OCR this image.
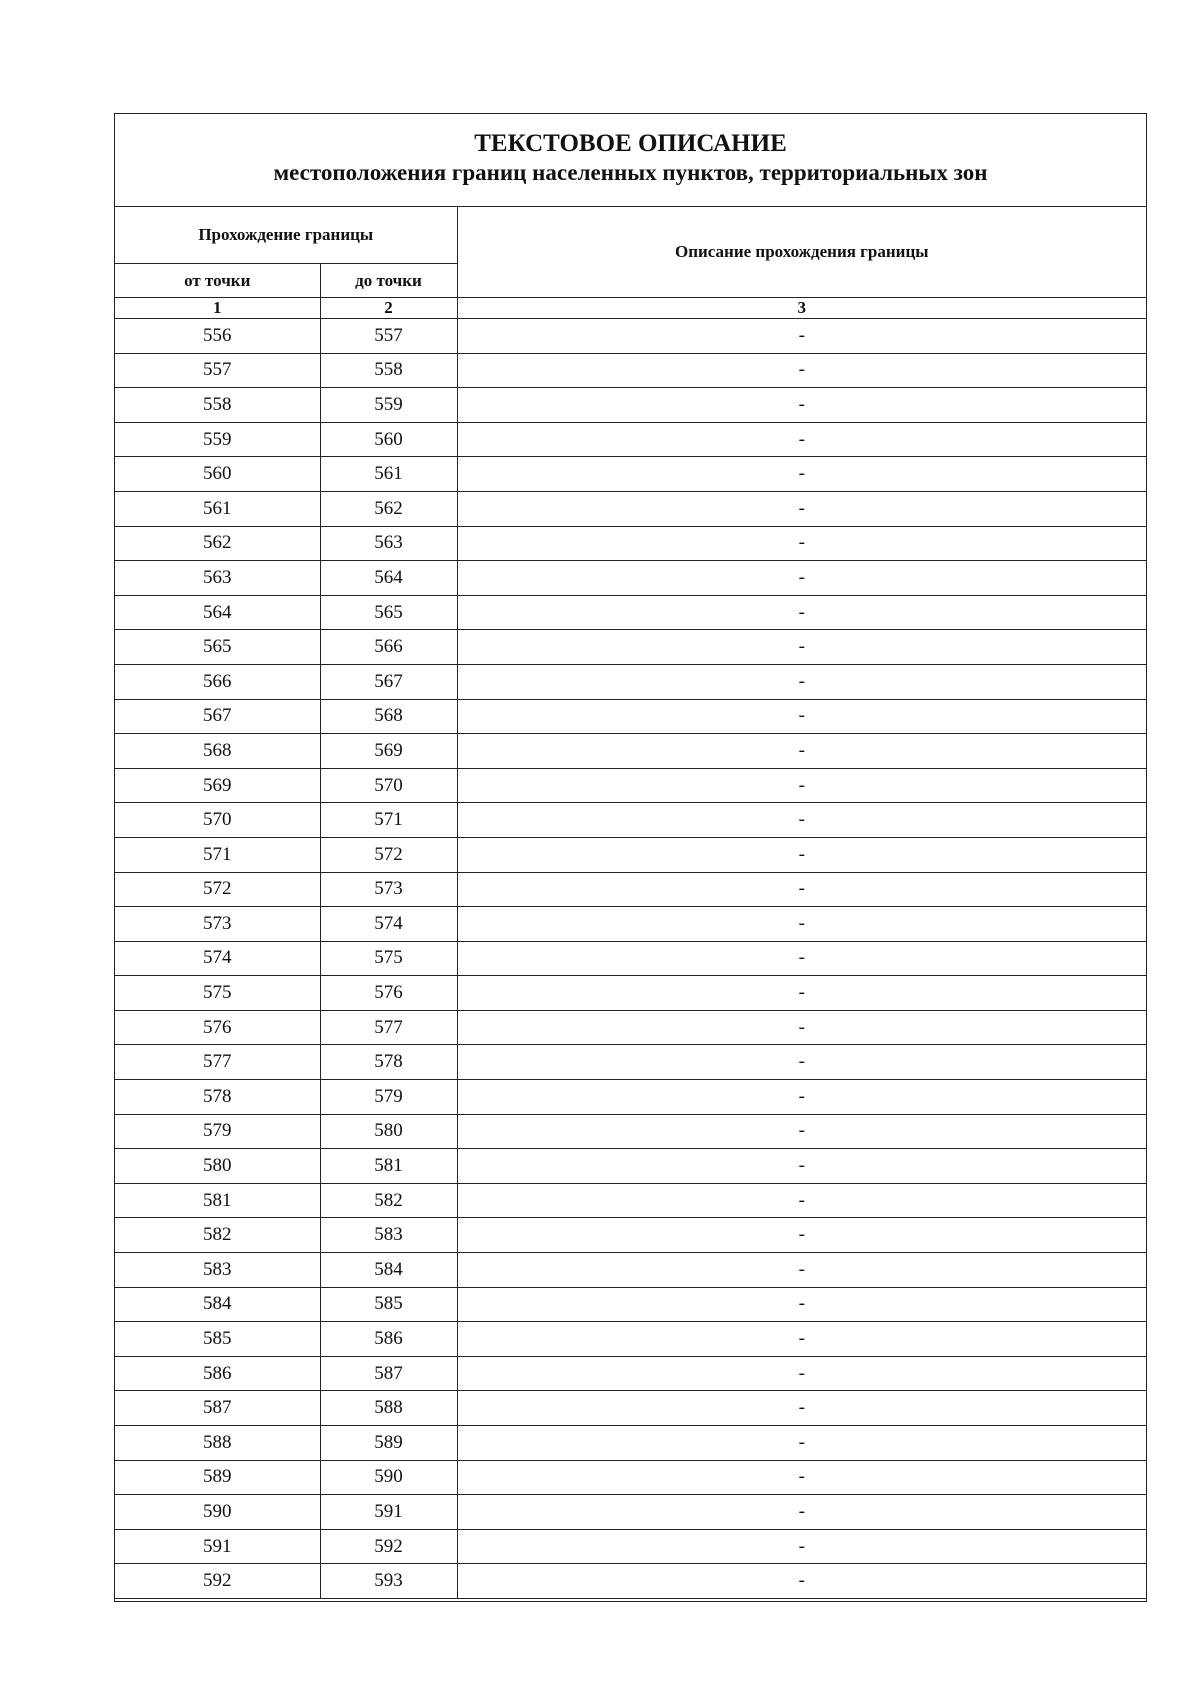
ТЕКСТОВОЕ ОПИСАНИЕ
местоположения границ населенных пунктов, территориальных зон
Прохождение границы		Описание прохождения границы
от точки	до точки	
1	2	3
556	557	-
557	558	-
558	559	-
559	560	-
560	561	-
561	562	-
562	563	-
563	564	-
564	565	-
565	566	-
566	567	-
567	568	-
568	569	-
569	570	-
570	571	-
571	572	-
572	573	-
573	574	-
574	575	-
575	576	-
576	577	-
577	578	-
578	579	-
579	580	-
580	581	-
581	582	-
582	583	-
583	584	-
584	585	-
585	586	-
586	587	-
587	588	-
588	589	-
589	590	-
590	591	-
591	592	-
592	593	-
